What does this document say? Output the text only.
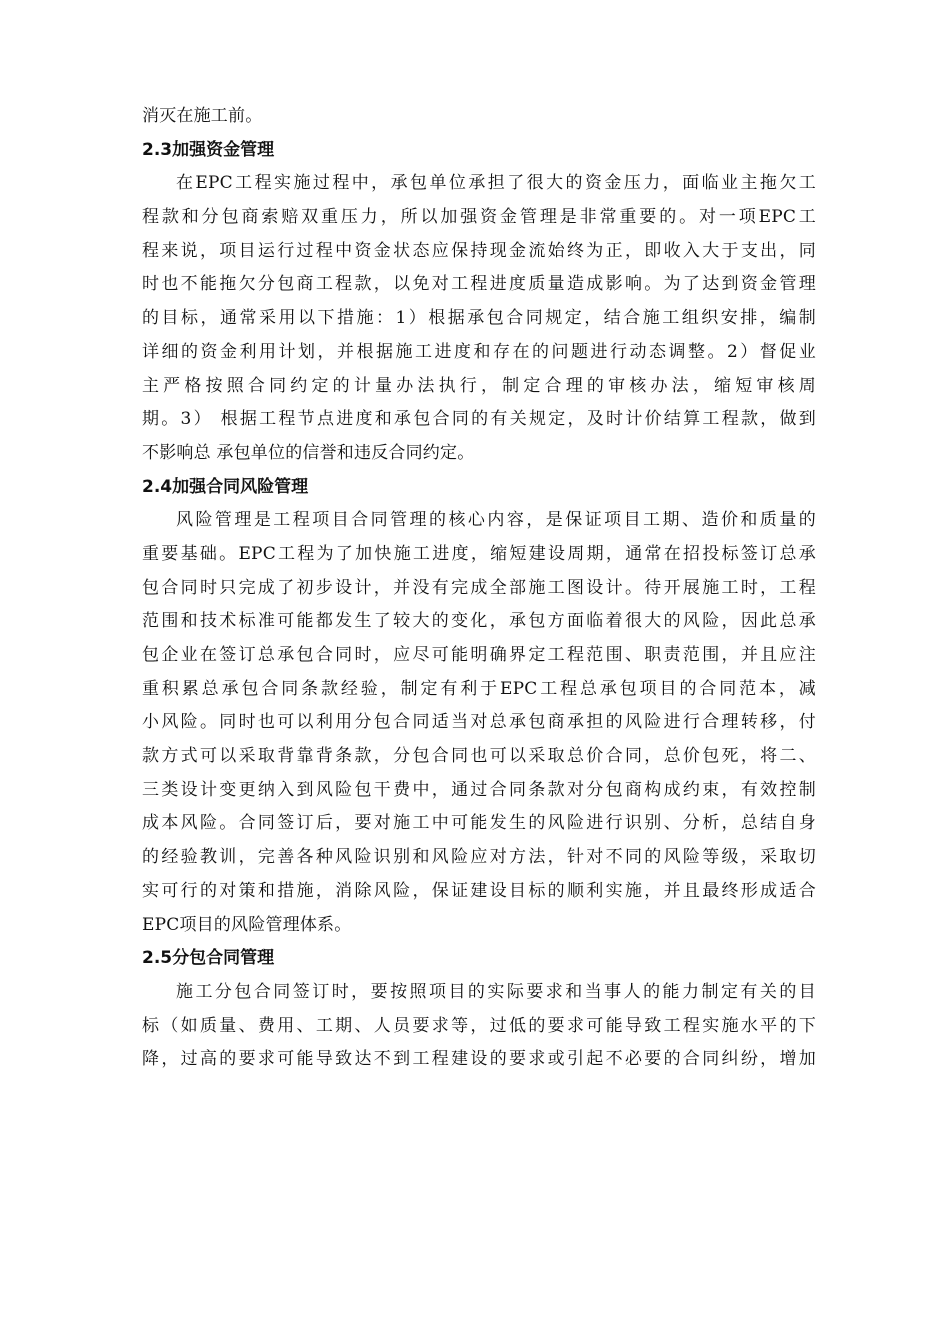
消灭在施工前。
2.3加强资金管理
在EPC工程实施过程中，承包单位承担了很大的资金压力，面临业主拖欠工
程款和分包商索赔双重压力，所以加强资金管理是非常重要的。对一项EPC工
程来说，项目运行过程中资金状态应保持现金流始终为正，即收入大于支出，同
时也不能拖欠分包商工程款，以免对工程进度质量造成影响。为了达到资金管理
的目标，通常采用以下措施：1）根据承包合同规定，结合施工组织安排，编制
详细的资金利用计划，并根据施工进度和存在的问题进行动态调整。2）督促业
主严格按照合同约定的计量办法执行，制定合理的审核办法，缩短审核周
期。3） 根据工程节点进度和承包合同的有关规定，及时计价结算工程款，做到
不影响总 承包单位的信誉和违反合同约定。
2.4加强合同风险管理
风险管理是工程项目合同管理的核心内容，是保证项目工期、造价和质量的
重要基础。EPC工程为了加快施工进度，缩短建设周期，通常在招投标签订总承
包合同时只完成了初步设计，并没有完成全部施工图设计。待开展施工时，工程
范围和技术标准可能都发生了较大的变化，承包方面临着很大的风险，因此总承
包企业在签订总承包合同时，应尽可能明确界定工程范围、职责范围，并且应注
重积累总承包合同条款经验，制定有利于EPC工程总承包项目的合同范本，减
小风险。同时也可以利用分包合同适当对总承包商承担的风险进行合理转移，付
款方式可以采取背靠背条款，分包合同也可以采取总价合同，总价包死，将二、
三类设计变更纳入到风险包干费中，通过合同条款对分包商构成约束，有效控制
成本风险。合同签订后，要对施工中可能发生的风险进行识别、分析，总结自身
的经验教训，完善各种风险识别和风险应对方法，针对不同的风险等级，采取切
实可行的对策和措施，消除风险，保证建设目标的顺利实施，并且最终形成适合
EPC项目的风险管理体系。
2.5分包合同管理
施工分包合同签订时，要按照项目的实际要求和当事人的能力制定有关的目
标（如质量、费用、工期、人员要求等，过低的要求可能导致工程实施水平的下
降，过高的要求可能导致达不到工程建设的要求或引起不必要的合同纠纷，增加
